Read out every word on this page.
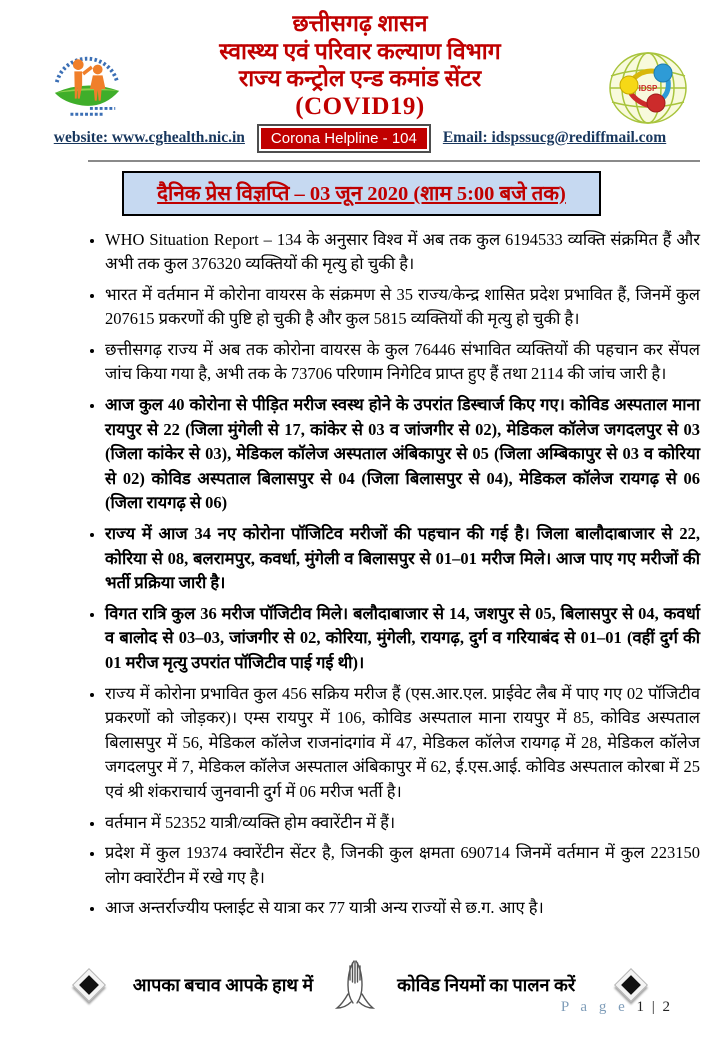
IDSP
छत्तीसगढ़ शासन
स्वास्थ्य एवं परिवार कल्याण विभाग
राज्य कन्ट्रोल एन्ड कमांड सेंटर
(COVID19)
website: www.cghealth.nic.in	Corona Helpline - 104	Email: idspssucg@rediffmail.com
दैनिक प्रेस विज्ञप्ति – 03 जून 2020 (शाम 5:00 बजे तक)
• WHO Situation Report – 134 के अनुसार विश्व में अब तक कुल 6194533 व्यक्ति संक्रमित हैं और अभी तक कुल 376320 व्यक्तियों की मृत्यु हो चुकी है।
• भारत में वर्तमान में कोरोना वायरस के संक्रमण से 35 राज्य/केन्द्र शासित प्रदेश प्रभावित हैं, जिनमें कुल 207615 प्रकरणों की पुष्टि हो चुकी है और कुल 5815 व्यक्तियों की मृत्यु हो चुकी है।
• छत्तीसगढ़ राज्य में अब तक कोरोना वायरस के कुल 76446 संभावित व्यक्तियों की पहचान कर सेंपल जांच किया गया है, अभी तक के 73706 परिणाम निगेटिव प्राप्त हुए हैं तथा 2114 की जांच जारी है।
• आज कुल 40 कोरोना से पीड़ित मरीज स्वस्थ होने के उपरांत डिस्चार्ज किए गए। कोविड अस्पताल माना रायपुर से 22 (जिला मुंगेली से 17, कांकेर से 03 व जांजगीर से 02), मेडिकल कॉलेज जगदलपुर से 03 (जिला कांकेर से 03), मेडिकल कॉलेज अस्पताल अंबिकापुर से 05 (जिला अम्बिकापुर से 03 व कोरिया से 02) कोविड अस्पताल बिलासपुर से 04 (जिला बिलासपुर से 04), मेडिकल कॉलेज रायगढ़ से 06 (जिला रायगढ़ से 06)
• राज्य में आज 34 नए कोरोना पॉजिटिव मरीजों की पहचान की गई है। जिला बालौदाबाजार से 22, कोरिया से 08, बलरामपुर, कवर्धा, मुंगेली व बिलासपुर से 01–01 मरीज मिले। आज पाए गए मरीजों की भर्ती प्रक्रिया जारी है।
• विगत रात्रि कुल 36 मरीज पॉजिटीव मिले। बलौदाबाजार से 14, जशपुर से 05, बिलासपुर से 04, कवर्धा व बालोद से 03–03, जांजगीर से 02, कोरिया, मुंगेली, रायगढ़, दुर्ग व गरियाबंद से 01–01 (वहीं दुर्ग की 01 मरीज मृत्यु उपरांत पॉजिटीव पाई गई थी)।
• राज्य में कोरोना प्रभावित कुल 456 सक्रिय मरीज हैं (एस.आर.एल. प्राईवेट लैब में पाए गए 02 पॉजिटीव प्रकरणों को जोड़कर)। एम्स रायपुर में 106, कोविड अस्पताल माना रायपुर में 85, कोविड अस्पताल बिलासपुर में 56, मेडिकल कॉलेज राजनांदगांव में 47, मेडिकल कॉलेज रायगढ़ में 28, मेडिकल कॉलेज जगदलपुर में 7, मेडिकल कॉलेज अस्पताल अंबिकापुर में 62, ई.एस.आई. कोविड अस्पताल कोरबा में 25 एवं श्री शंकराचार्य जुनवानी दुर्ग में 06 मरीज भर्ती है।
• वर्तमान में 52352 यात्री/व्यक्ति होम क्वारेंटीन में हैं।
• प्रदेश में कुल 19374 क्वारेंटीन सेंटर है, जिनकी कुल क्षमता 690714 जिनमें वर्तमान में कुल 223150 लोग क्वारेंटीन में रखे गए है।
• आज अन्तर्राज्यीय फ्लाईट से यात्रा कर 77 यात्री अन्य राज्यों से छ.ग. आए है।
आपका बचाव आपके हाथ में	कोविड नियमों का पालन करें
P a g e 1 | 2
